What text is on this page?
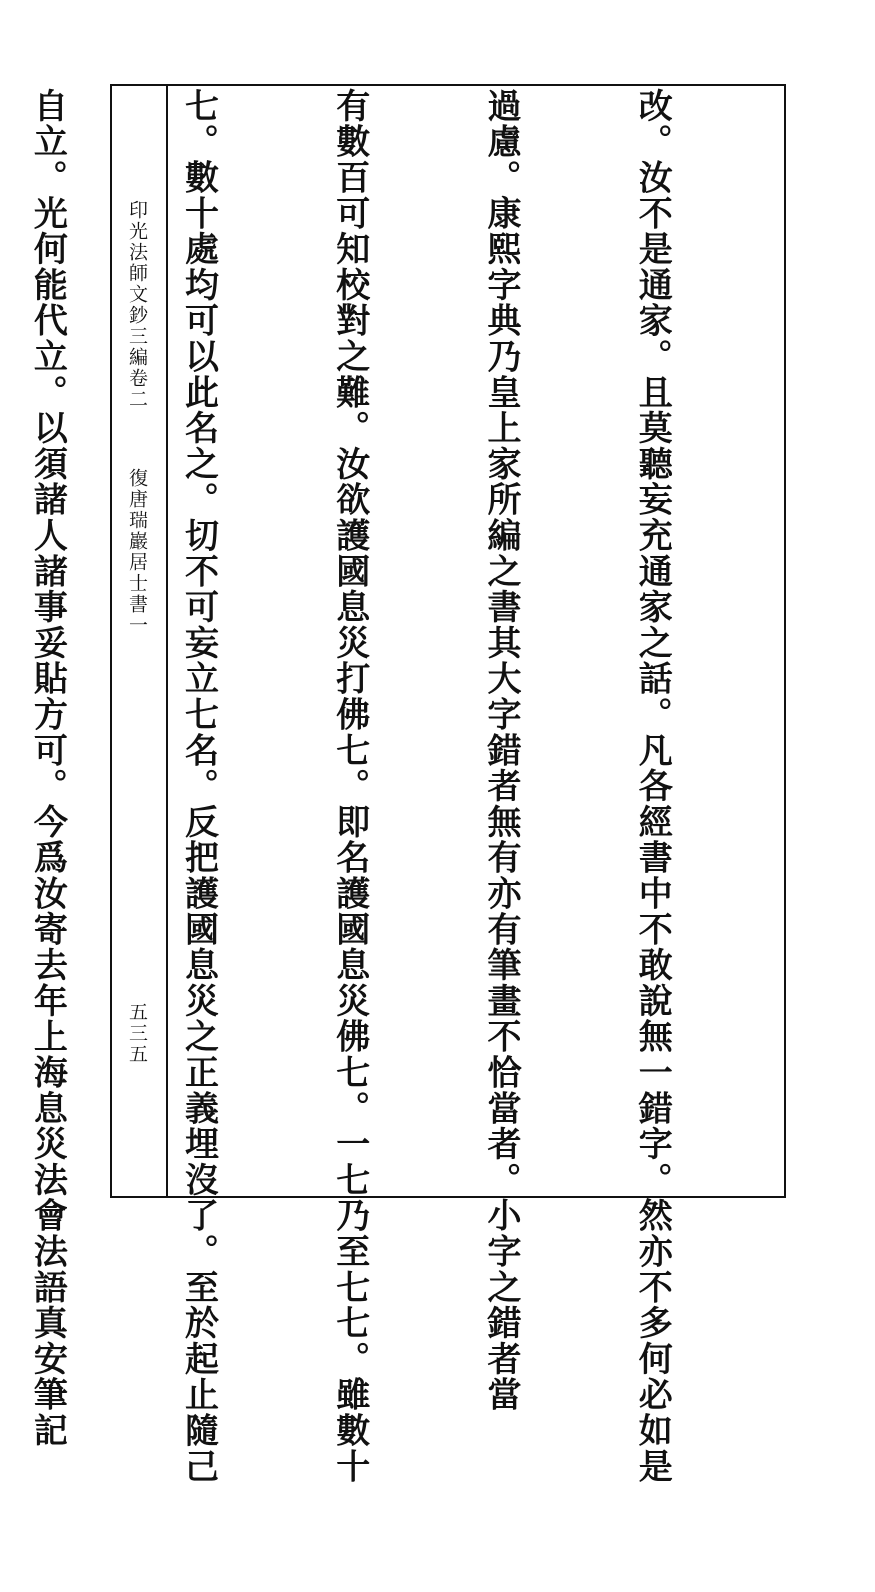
印光法師文鈔三編卷二
復唐瑞巖居士書一
五三五

	改。汝不是通家。且莫聽妄充通家之話。凡各經書中不敢說無一錯字。然亦不多何必如是

過慮。康熙字典乃皇上家所編之書其大字錯者無有亦有筆畫不恰當者。小字之錯者當

有數百可知校對之難。汝欲護國息災打佛七。即名護國息災佛七。一七乃至七七。雖數十

七。數十處均可以此名之。切不可妄立七名。反把護國息災之正義埋沒了。至於起止隨己

自立。光何能代立。以須諸人諸事妥貼方可。今爲汝寄去年上海息災法會法語真安筆記
